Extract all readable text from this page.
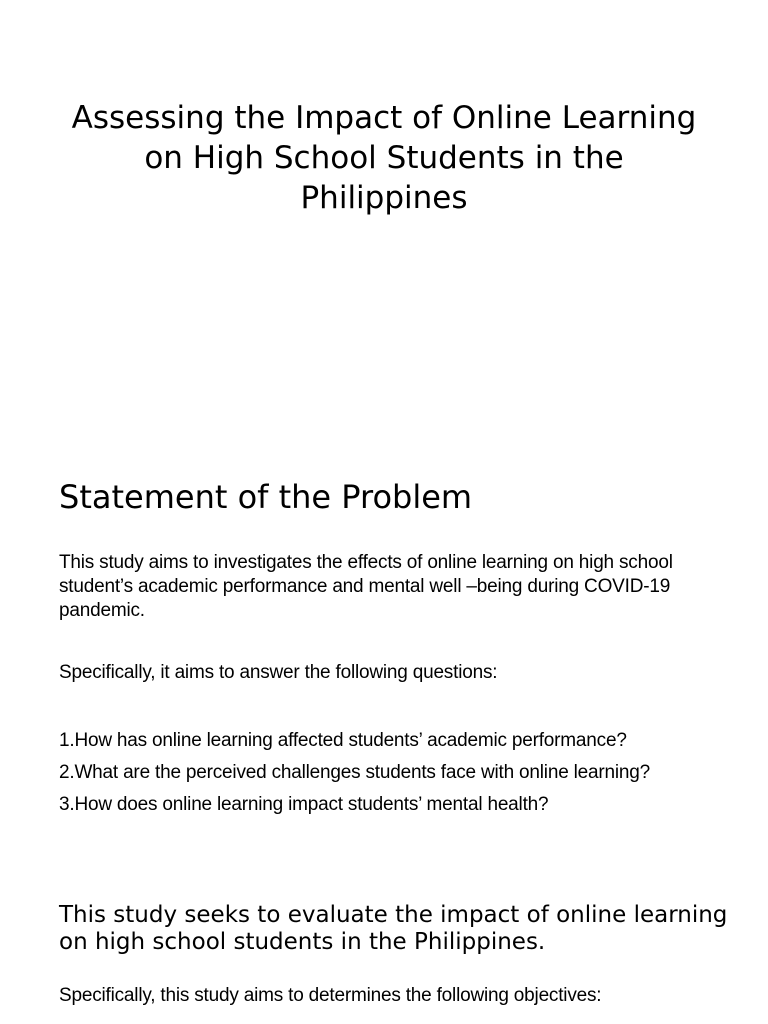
Assessing the Impact of Online Learning on High School Students in the Philippines
Statement of the Problem

This study aims to investigates the effects of online learning on high school student’s academic performance and mental well –being during COVID-19 pandemic.

Specifically, it aims to answer the following questions:

1.How has online learning affected students’ academic performance?
2.What are the perceived challenges students face with online learning?
3.How does online learning impact students’ mental health?

This study seeks to evaluate the impact of online learning on high school students in the Philippines.

Specifically, this study aims to determines the following objectives:
